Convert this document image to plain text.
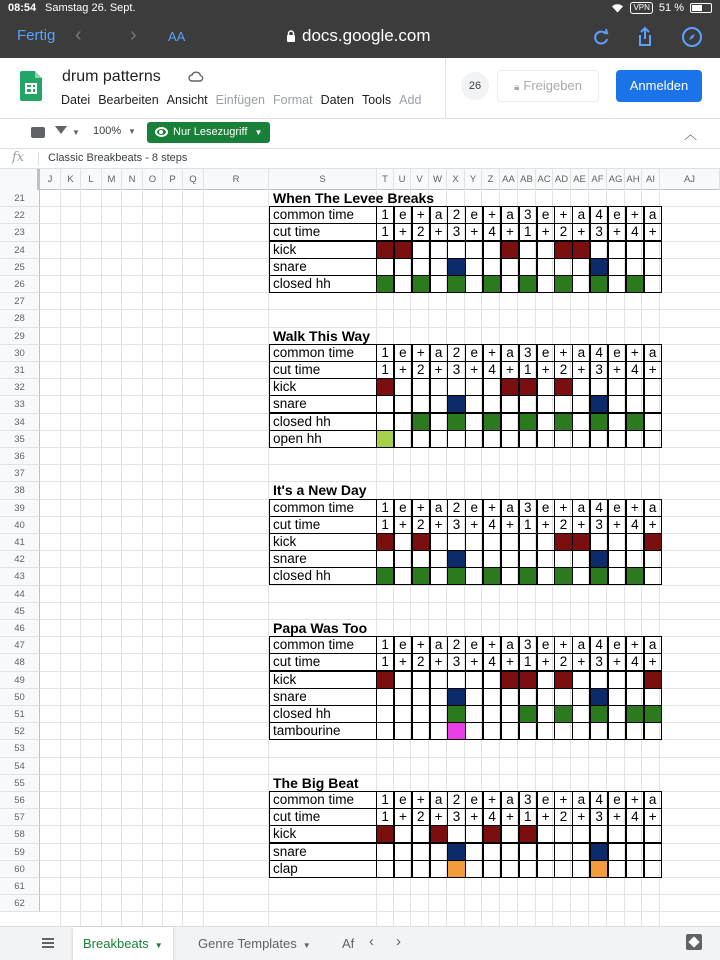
08:54 Samstag 26. Sept.	VPN 51 %
Fertig ‹ › AA	docs.google.com
drum patterns
Datei Bearbeiten Ansicht Einfügen Format Daten Tools Add
26	🔒︎ Freigeben	Anmelden
▼ 100% ▼	Nur Lesezugriff ▼	︿
fx Classic Breakbeats - 8 steps
J	K	L	M	N	O	P	Q	R	S	T	U	V	W	X	Y	Z AA AB AC AD AE AF AG AH AI	AJ
21
22
23
24
25
26
27
28
29
30
31
32
33
34
35
36
37
38
39
40
41
42
43
44
45
46
47
48
49
50
51
52
53
54
55
56
57
58
59
60
61
62
When The Levee Breaks
common time	1 e + a 2 e + a 3 e + a 4 e + a
cut time	1 + 2 + 3 + 4 + 1 + 2 + 3 + 4 +
kick
snare
closed hh
Walk This Way
common time	1 e + a 2 e + a 3 e + a 4 e + a
cut time	1 + 2 + 3 + 4 + 1 + 2 + 3 + 4 +
kick
snare
closed hh
open hh
It's a New Day
common time	1 e + a 2 e + a 3 e + a 4 e + a
cut time	1 + 2 + 3 + 4 + 1 + 2 + 3 + 4 +
kick
snare
closed hh
Papa Was Too
common time	1 e + a 2 e + a 3 e + a 4 e + a
cut time	1 + 2 + 3 + 4 + 1 + 2 + 3 + 4 +
kick
snare
closed hh
tambourine
The Big Beat
common time	1 e + a 2 e + a 3 e + a 4 e + a
cut time	1 + 2 + 3 + 4 + 1 + 2 + 3 + 4 +
kick
snare
clap
Breakbeats ▼	Genre Templates ▼	Af ‹ ›
